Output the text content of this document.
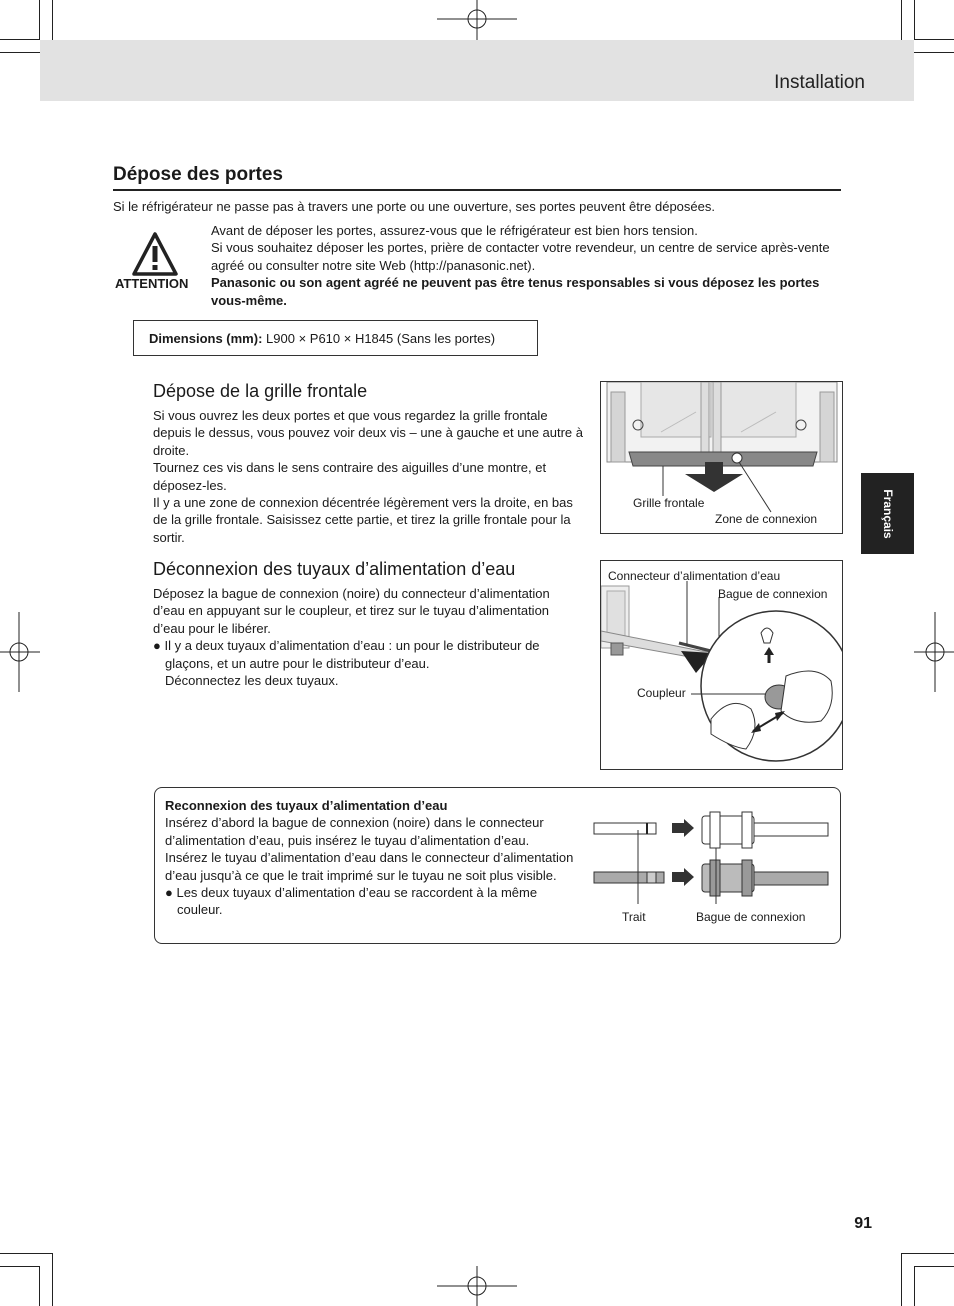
Installation
Dépose des portes
Si le réfrigérateur ne passe pas à travers une porte ou une ouverture, ses portes peuvent être déposées.
ATTENTION

Avant de déposer les portes, assurez-vous que le réfrigérateur est bien hors tension.

Si vous souhaitez déposer les portes, prière de contacter votre revendeur, un centre de service après-vente agréé ou consulter notre site Web (http://panasonic.net).

Panasonic ou son agent agréé ne peuvent pas être tenus responsables si vous déposez les portes vous-même.

Dimensions (mm): L900 × P610 × H1845 (Sans les portes)
Dépose de la grille frontale

Si vous ouvrez les deux portes et que vous regardez la grille frontale depuis le dessus, vous pouvez voir deux vis – une à gauche et une autre à droite.

Tournez ces vis dans le sens contraire des aiguilles d’une montre, et déposez-les.

Il y a une zone de connexion décentrée légèrement vers la droite, en bas de la grille frontale. Saisissez cette partie, et tirez la grille frontale pour la sortir.

Grille frontale
Zone de connexion
Déconnexion des tuyaux d’alimentation d’eau

Déposez la bague de connexion (noire) du connecteur d’alimentation d’eau en appuyant sur le coupleur, et tirez sur le tuyau d’alimentation d’eau pour le libérer.

● Il y a deux tuyaux d’alimentation d’eau : un pour le distributeur de glaçons, et un autre pour le distributeur d’eau.

Déconnectez les deux tuyaux.

Connecteur d’alimentation d’eau
Bague de connexion
Coupleur

Reconnexion des tuyaux d’alimentation d’eau

Insérez d’abord la bague de connexion (noire) dans le connecteur d’alimentation d’eau, puis insérez le tuyau d’alimentation d’eau.

Insérez le tuyau d’alimentation d’eau dans le connecteur d’alimentation d’eau jusqu’à ce que le trait imprimé sur le tuyau ne soit plus visible.

● Les deux tuyaux d’alimentation d’eau se raccordent à la même couleur.	Trait	Bague de connexion
Français
91
